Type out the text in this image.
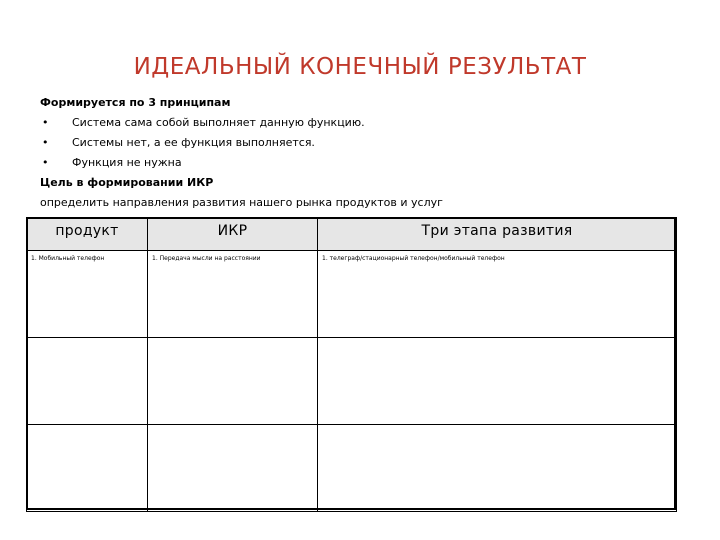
ИДЕАЛЬНЫЙ КОНЕЧНЫЙ РЕЗУЛЬТАТ
Формируется по 3 принципам
•	Система сама собой выполняет данную функцию.
•	Системы нет, а ее функция выполняется.
•	Функция не нужна
Цель в формировании ИКР
определить направления развития нашего рынка продуктов и услуг
продукт	ИКР	Три этапа развития

1. Мобильный телефон	1. Передача мысли на расстоянии	1. телеграф/стационарный телефон/мобильный телефон
